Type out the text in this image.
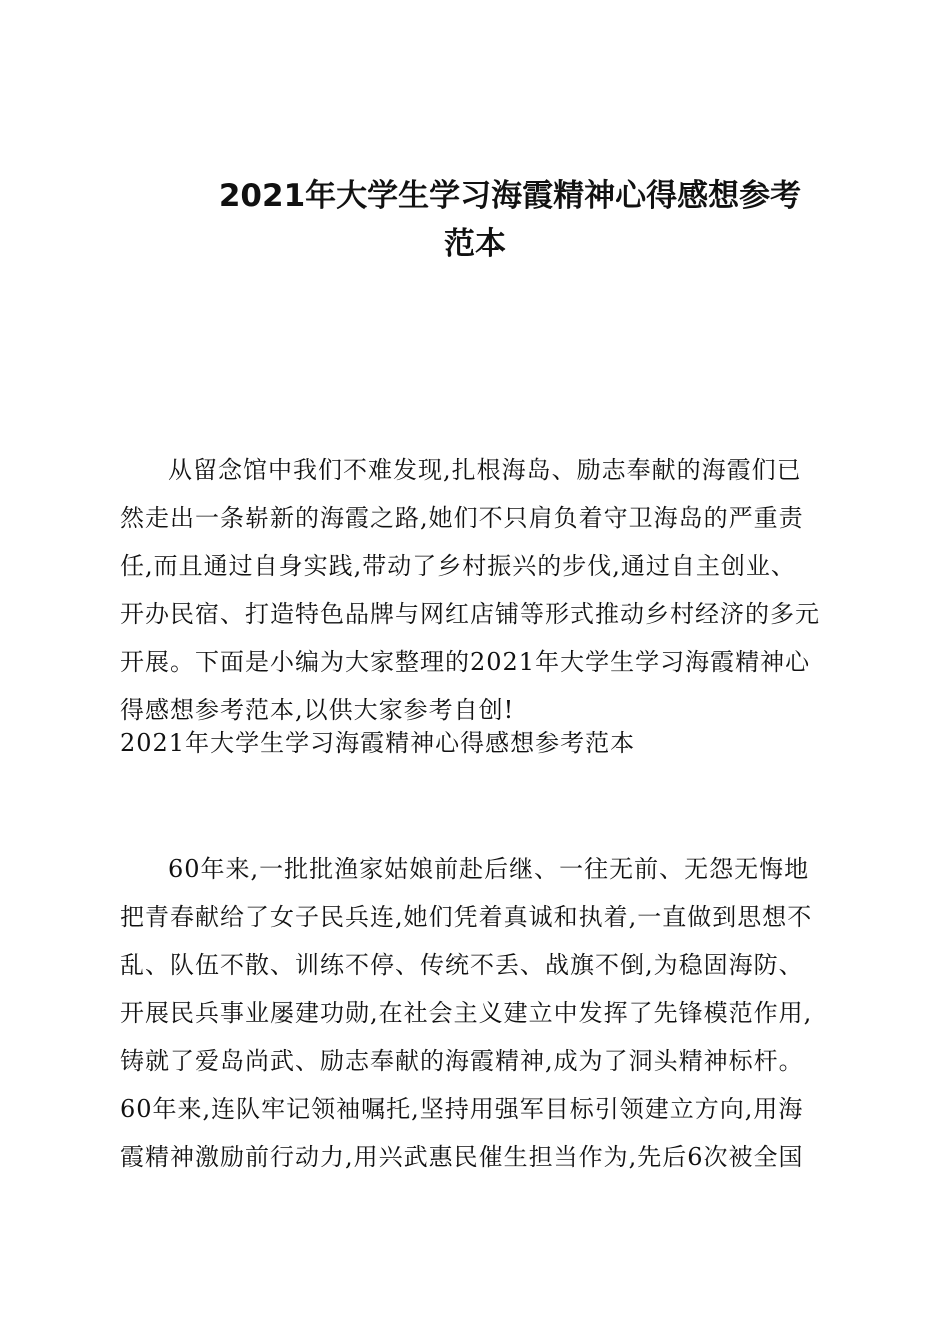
2021年大学生学习海霞精神心得感想参考
范本
从留念馆中我们不难发现,扎根海岛、励志奉献的海霞们已
然走出一条崭新的海霞之路,她们不只肩负着守卫海岛的严重责
任,而且通过自身实践,带动了乡村振兴的步伐,通过自主创业、
开办民宿、打造特色品牌与网红店铺等形式推动乡村经济的多元
开展。下面是小编为大家整理的2021年大学生学习海霞精神心
得感想参考范本,以供大家参考自创!
2021年大学生学习海霞精神心得感想参考范本
60年来,一批批渔家姑娘前赴后继、一往无前、无怨无悔地
把青春献给了女子民兵连,她们凭着真诚和执着,一直做到思想不
乱、队伍不散、训练不停、传统不丢、战旗不倒,为稳固海防、
开展民兵事业屡建功勋,在社会主义建立中发挥了先锋模范作用,
铸就了爱岛尚武、励志奉献的海霞精神,成为了洞头精神标杆。
60年来,连队牢记领袖嘱托,坚持用强军目标引领建立方向,用海
霞精神激励前行动力,用兴武惠民催生担当作为,先后6次被全国
